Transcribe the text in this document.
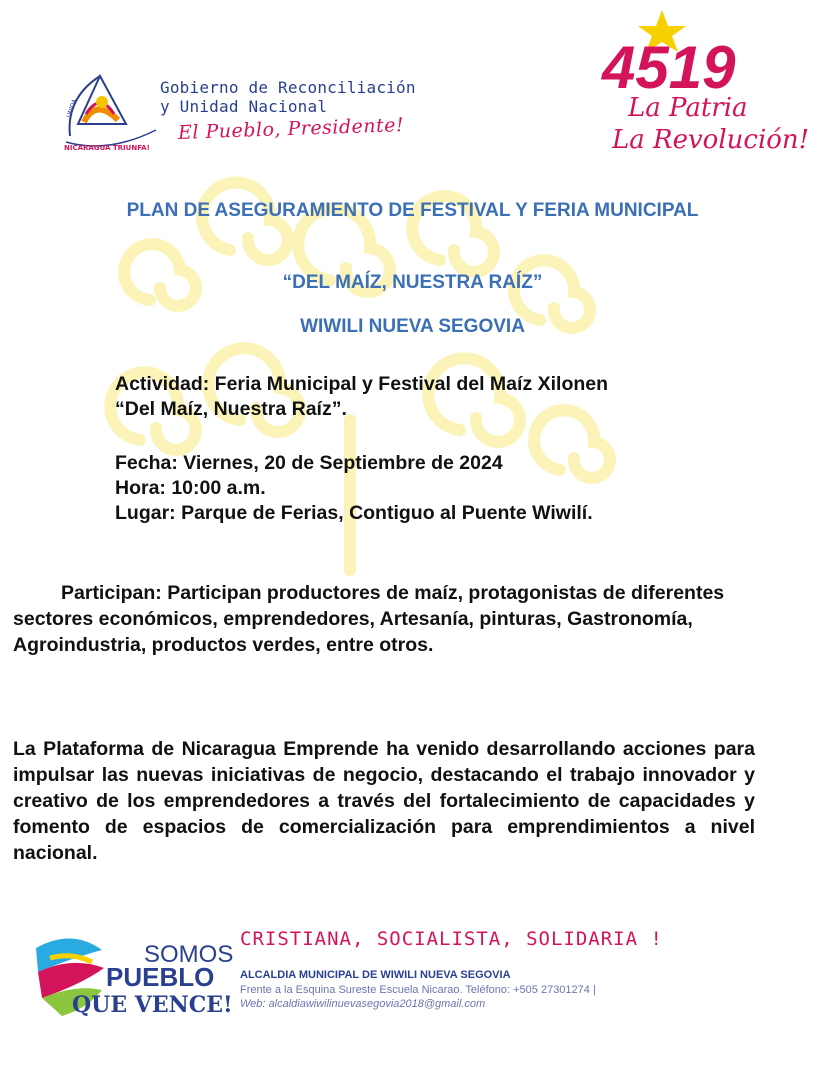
UNIDA
NICARAGUA TRIUNFA!
Gobierno de Reconciliación
y Unidad Nacional
El Pueblo, Presidente!
4519
La Patria
La Revolución!
PLAN DE ASEGURAMIENTO DE FESTIVAL Y FERIA MUNICIPAL
“DEL MAÍZ, NUESTRA RAÍZ”
WIWILI NUEVA SEGOVIA
Actividad: Feria Municipal y Festival del Maíz Xilonen
“Del Maíz, Nuestra Raíz”.
Fecha: Viernes, 20 de Septiembre de 2024
Hora: 10:00 a.m.
Lugar: Parque de Ferias, Contiguo al Puente Wiwilí.
Participan: Participan productores de maíz, protagonistas de diferentes sectores económicos, emprendedores, Artesanía, pinturas, Gastronomía, Agroindustria, productos verdes, entre otros.
La Plataforma de Nicaragua Emprende ha venido desarrollando acciones para impulsar las nuevas iniciativas de negocio, destacando el trabajo innovador y creativo de los emprendedores a través del fortalecimiento de capacidades y fomento de espacios de comercialización para emprendimientos a nivel nacional.
SOMOS
PUEBLO
QUE VENCE!
CRISTIANA, SOCIALISTA, SOLIDARIA !
ALCALDIA MUNICIPAL DE WIWILI NUEVA SEGOVIA
Frente a la Esquina Sureste Escuela Nicarao. Teléfono: +505 27301274 |
Web: alcaldiawiwilinuevasegovia2018@gmail.com
